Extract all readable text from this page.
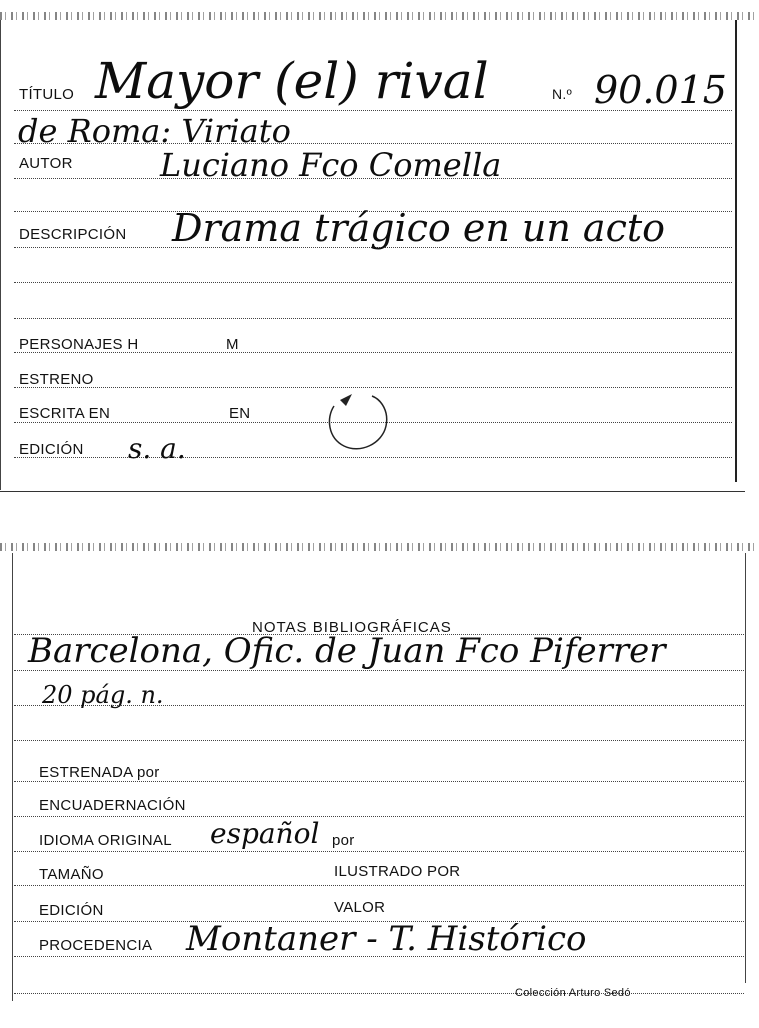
TÍTULO Mayor (el) rival	N.º 90.015
de Roma: Viriato
AUTOR	Luciano Fco Comella
DESCRIPCIÓN Drama trágico en un acto
PERSONAJES H	M
ESTRENO
ESCRITA EN	EN
EDICIÓN s. a.
NOTAS BIBLIOGRÁFICAS
Barcelona, Ofic. de Juan Fco Piferrer
20 pág. n.
ESTRENADA por
ENCUADERNACIÓN
IDIOMA ORIGINAL español por
TAMAÑO	ILUSTRADO POR
EDICIÓN	VALOR
PROCEDENCIA Montaner - T. Histórico
Colección Arturo Sedó
